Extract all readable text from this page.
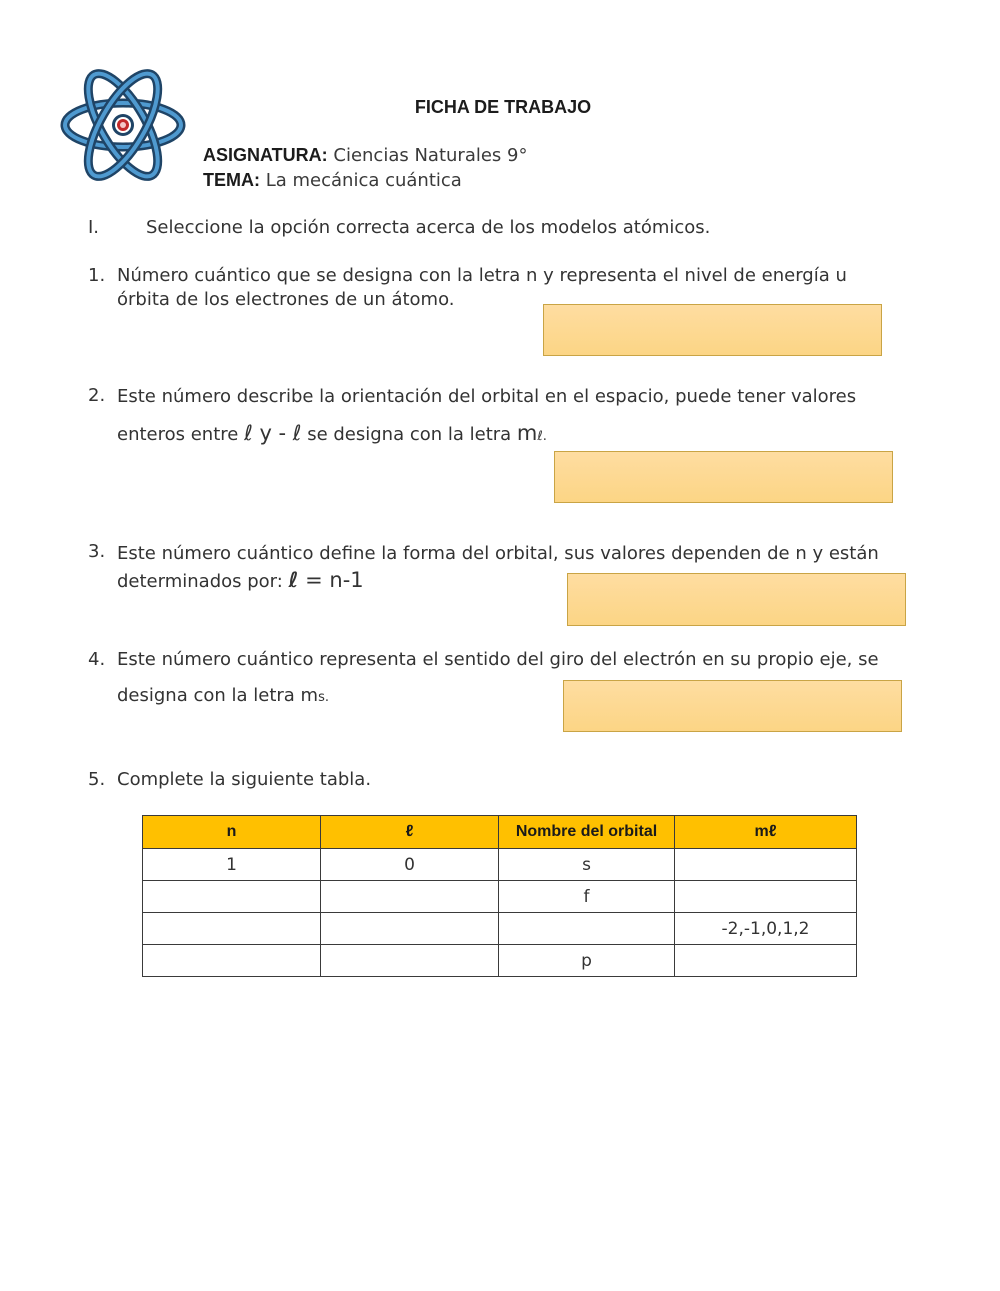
FICHA DE TRABAJO
ASIGNATURA: Ciencias Naturales 9°
TEMA: La mecánica cuántica
I.	Seleccione la opción correcta acerca de los modelos atómicos.
1. Número cuántico que se designa con la letra n y representa el nivel de energía u
órbita de los electrones de un átomo.
2. Este número describe la orientación del orbital en el espacio, puede tener valores
enteros entre ℓ y - ℓ se designa con la letra mℓ.
3. Este número cuántico define la forma del orbital, sus valores dependen de n y están
determinados por: ℓ = n-1
4. Este número cuántico representa el sentido del giro del electrón en su propio eje, se
designa con la letra ms.
5. Complete la siguiente tabla.
n	ℓ	Nombre del orbital	mℓ
1	0	s	
		f	
			-2,-1,0,1,2
		p	
